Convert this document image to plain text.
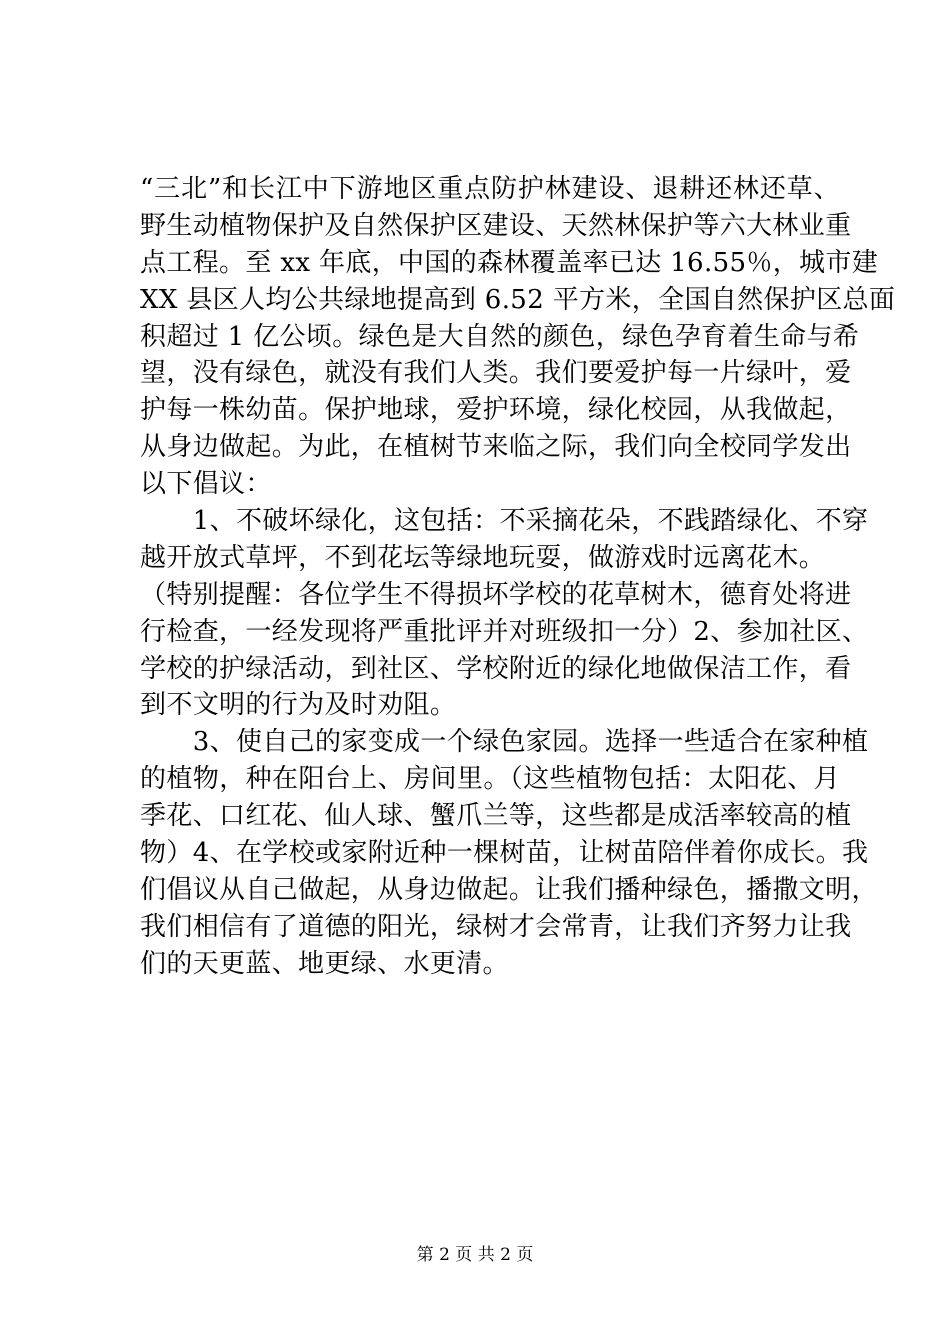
“三北”和长江中下游地区重点防护林建设、退耕还林还草、
野生动植物保护及自然保护区建设、天然林保护等六大林业重
点工程。至 xx 年底，中国的森林覆盖率已达 16.55％，城市建
XX 县区人均公共绿地提高到 6.52 平方米，全国自然保护区总面
积超过 1 亿公顷。绿色是大自然的颜色，绿色孕育着生命与希
望，没有绿色，就没有我们人类。我们要爱护每一片绿叶，爱
护每一株幼苗。保护地球，爱护环境，绿化校园，从我做起，
从身边做起。为此，在植树节来临之际，我们向全校同学发出
以下倡议：
　　1、不破坏绿化，这包括：不采摘花朵，不践踏绿化、不穿
越开放式草坪，不到花坛等绿地玩耍，做游戏时远离花木。
（特别提醒：各位学生不得损坏学校的花草树木，德育处将进
行检查，一经发现将严重批评并对班级扣一分）2、参加社区、
学校的护绿活动，到社区、学校附近的绿化地做保洁工作，看
到不文明的行为及时劝阻。
　　3、使自己的家变成一个绿色家园。选择一些适合在家种植
的植物，种在阳台上、房间里。（这些植物包括：太阳花、月
季花、口红花、仙人球、蟹爪兰等，这些都是成活率较高的植
物）4、在学校或家附近种一棵树苗，让树苗陪伴着你成长。我
们倡议从自己做起，从身边做起。让我们播种绿色，播撒文明，
我们相信有了道德的阳光，绿树才会常青，让我们齐努力让我
们的天更蓝、地更绿、水更清。
第 2 页 共 2 页
